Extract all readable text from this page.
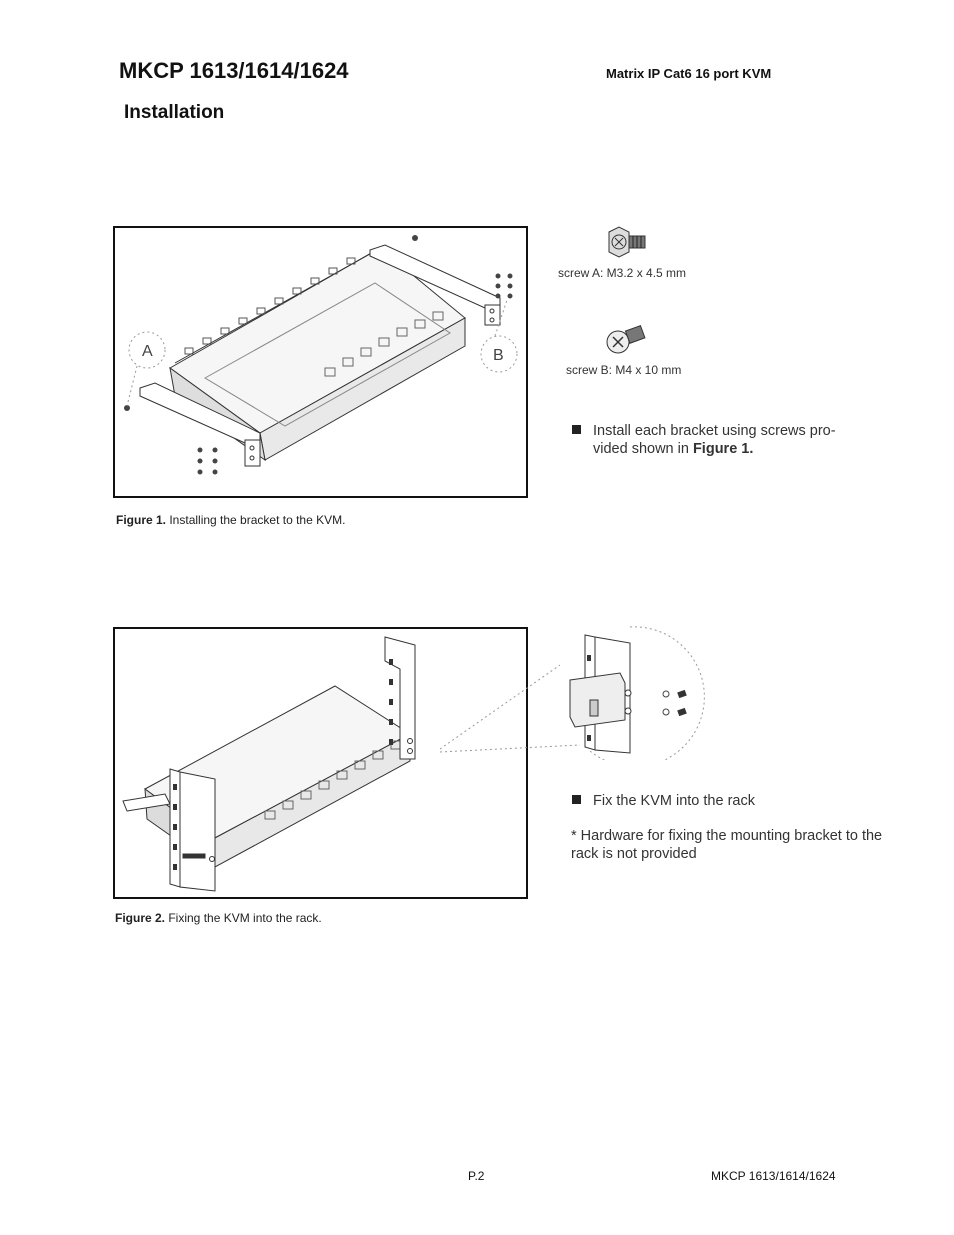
MKCP 1613/1614/1624	Matrix IP Cat6 16 port KVM
Installation
A	B
Figure 1. Installing the bracket to the KVM.
screw A: M3.2 x 4.5 mm
screw B: M4 x 10 mm
Install each bracket using screws pro-
vided shown in Figure 1.
Figure 2. Fixing the KVM into the rack.
Fix the KVM into the rack
* Hardware for fixing the mounting bracket to the rack is not provided
P.2	MKCP 1613/1614/1624
